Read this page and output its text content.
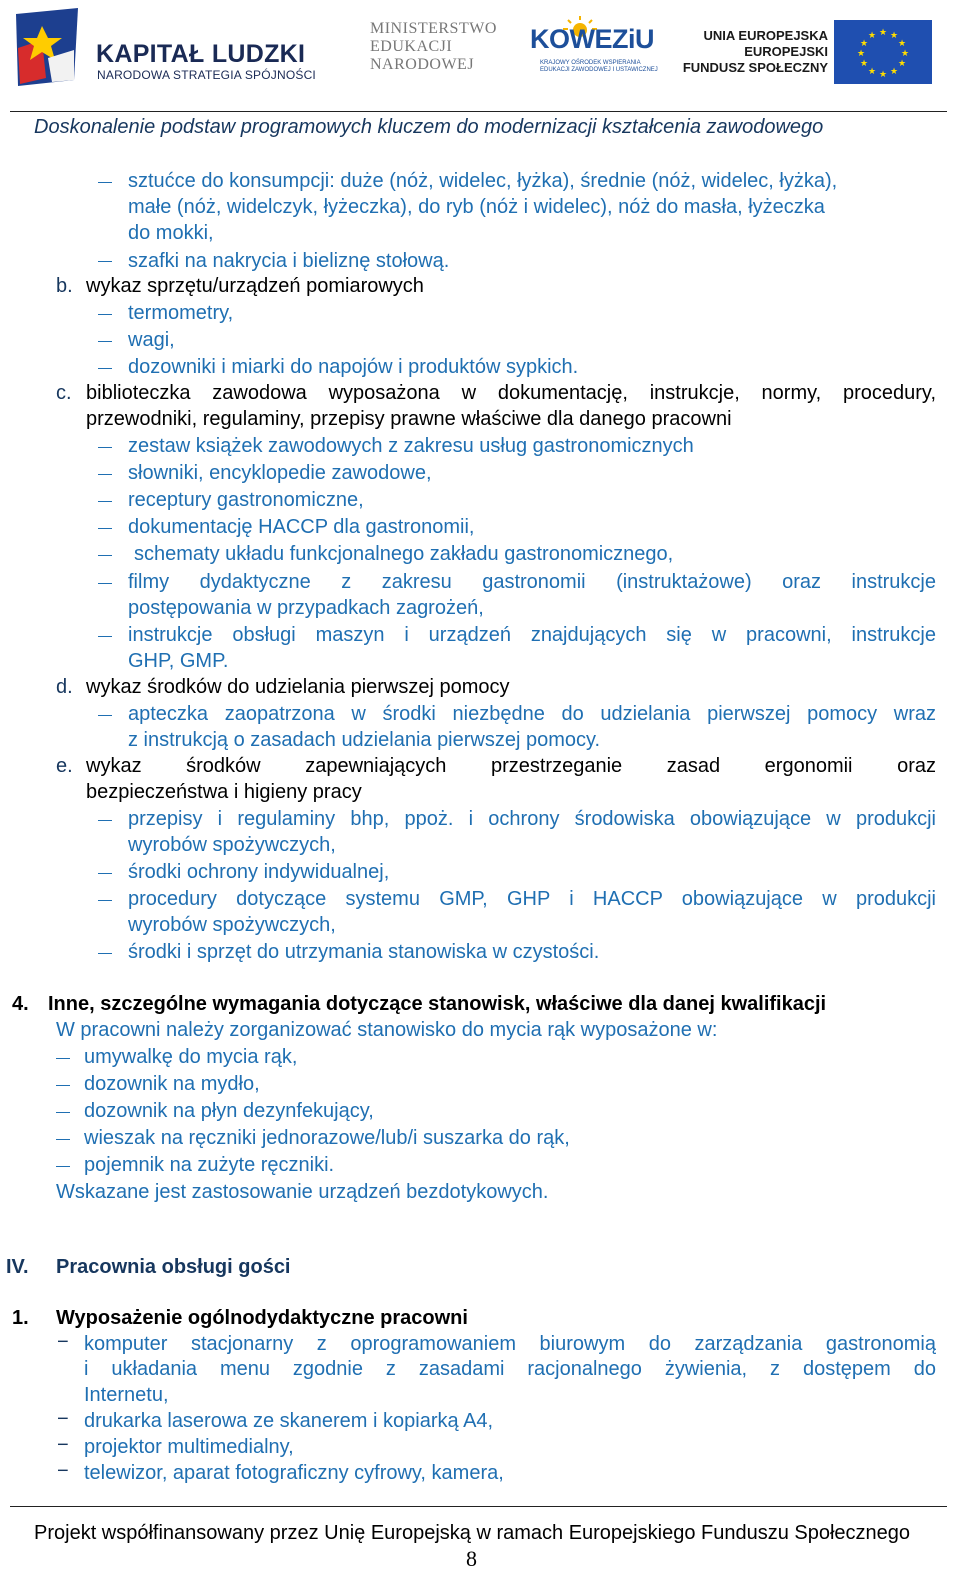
KAPITAŁ LUDZKI
NARODOWA STRATEGIA SPÓJNOŚCI
MINISTERSTWO
EDUKACJI
NARODOWEJ
KOWEZiU
KRAJOWY OŚRODEK WSPIERANIA
EDUKACJI ZAWODOWEJ I USTAWICZNEJ
UNIA EUROPEJSKA
EUROPEJSKI
FUNDUSZ SPOŁECZNY
★ ★
★
★
★
★
★
★
★
★
★
★
Doskonalenie podstaw programowych kluczem do modernizacji kształcenia zawodowego
sztućce do konsumpcji: duże (nóż, widelec, łyżka), średnie (nóż, widelec, łyżka),
małe (nóż, widelczyk, łyżeczka), do ryb (nóż i widelec), nóż do masła, łyżeczka
do mokki,
szafki na nakrycia i bieliznę stołową.
b. wykaz sprzętu/urządzeń pomiarowych
termometry,
wagi,
dozowniki i miarki do napojów i produktów sypkich.
c. biblioteczka zawodowa wyposażona w dokumentację, instrukcje, normy, procedury,
przewodniki, regulaminy, przepisy prawne właściwe dla danego pracowni
zestaw książek zawodowych z zakresu usług gastronomicznych
słowniki, encyklopedie zawodowe,
receptury gastronomiczne,
dokumentację HACCP dla gastronomii,
schematy układu funkcjonalnego zakładu gastronomicznego,
filmy dydaktyczne z zakresu gastronomii (instruktażowe) oraz instrukcje
postępowania w przypadkach zagrożeń,
instrukcje obsługi maszyn i urządzeń znajdujących się w pracowni, instrukcje
GHP, GMP.
d. wykaz środków do udzielania pierwszej pomocy
apteczka zaopatrzona w środki niezbędne do udzielania pierwszej pomocy wraz
z instrukcją o zasadach udzielania pierwszej pomocy.
e. wykaz środków zapewniających przestrzeganie zasad ergonomii oraz
bezpieczeństwa i higieny pracy
przepisy i regulaminy bhp, ppoż. i ochrony środowiska obowiązujące w produkcji
wyrobów spożywczych,
środki ochrony indywidualnej,
procedury dotyczące systemu GMP, GHP i HACCP obowiązujące w produkcji
wyrobów spożywczych,
środki i sprzęt do utrzymania stanowiska w czystości.
4. Inne, szczególne wymagania dotyczące stanowisk, właściwe dla danej kwalifikacji
W pracowni należy zorganizować stanowisko do mycia rąk wyposażone w:
umywalkę do mycia rąk,
dozownik na mydło,
dozownik na płyn dezynfekujący,
wieszak na ręczniki jednorazowe/lub/i suszarka do rąk,
pojemnik na zużyte ręczniki.
Wskazane jest zastosowanie urządzeń bezdotykowych.
IV. Pracownia obsługi gości
1. Wyposażenie ogólnodydaktyczne pracowni
− komputer stacjonarny z oprogramowaniem biurowym do zarządzania gastronomią
i układania menu zgodnie z zasadami racjonalnego żywienia, z dostępem do
Internetu,
− drukarka laserowa ze skanerem i kopiarką A4,
− projektor multimedialny,
− telewizor, aparat fotograficzny cyfrowy, kamera,
Projekt współfinansowany przez Unię Europejską w ramach Europejskiego Funduszu Społecznego
8
